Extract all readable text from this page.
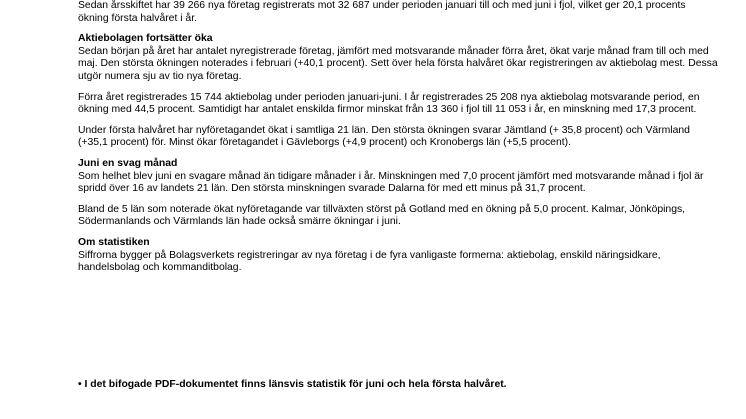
Sedan årsskiftet har 39 266 nya företag registrerats mot 32 687 under perioden januari till och med juni i fjol, vilket ger 20,1 procents ökning första halvåret i år.

Aktiebolagen fortsätter öka

Sedan början på året har antalet nyregistrerade företag, jämfört med motsvarande månader förra året, ökat varje månad fram till och med maj. Den största ökningen noterades i februari (+40,1 procent). Sett över hela första halvåret ökar registreringen av aktiebolag mest. Dessa utgör numera sju av tio nya företag.

Förra året registrerades 15 744 aktiebolag under perioden januari-juni. I år registrerades 25 208 nya aktiebolag motsvarande period, en ökning med 44,5 procent. Samtidigt har antalet enskilda firmor minskat från 13 360 i fjol till 11 053 i år, en minskning med 17,3 procent.

Under första halvåret har nyföretagandet ökat i samtliga 21 län. Den största ökningen svarar Jämtland (+ 35,8 procent) och Värmland (+35,1 procent) för. Minst ökar företagandet i Gävleborgs (+4,9 procent) och Kronobergs län (+5,5 procent).

Juni en svag månad

Som helhet blev juni en svagare månad än tidigare månader i år. Minskningen med 7,0 procent jämfört med motsvarande månad i fjol är spridd över 16 av landets 21 län. Den största minskningen svarade Dalarna för med ett minus på 31,7 procent.

Bland de 5 län som noterade ökat nyföretagande var tillväxten störst på Gotland med en ökning på 5,0 procent. Kalmar, Jönköpings, Södermanlands och Värmlands län hade också smärre ökningar i juni.

Om statistiken

Siffrorna bygger på Bolagsverkets registreringar av nya företag i de fyra vanligaste formerna: aktiebolag, enskild näringsidkare, handelsbolag och kommanditbolag.

• I det bifogade PDF-dokumentet finns länsvis statistik för juni och hela första halvåret.
